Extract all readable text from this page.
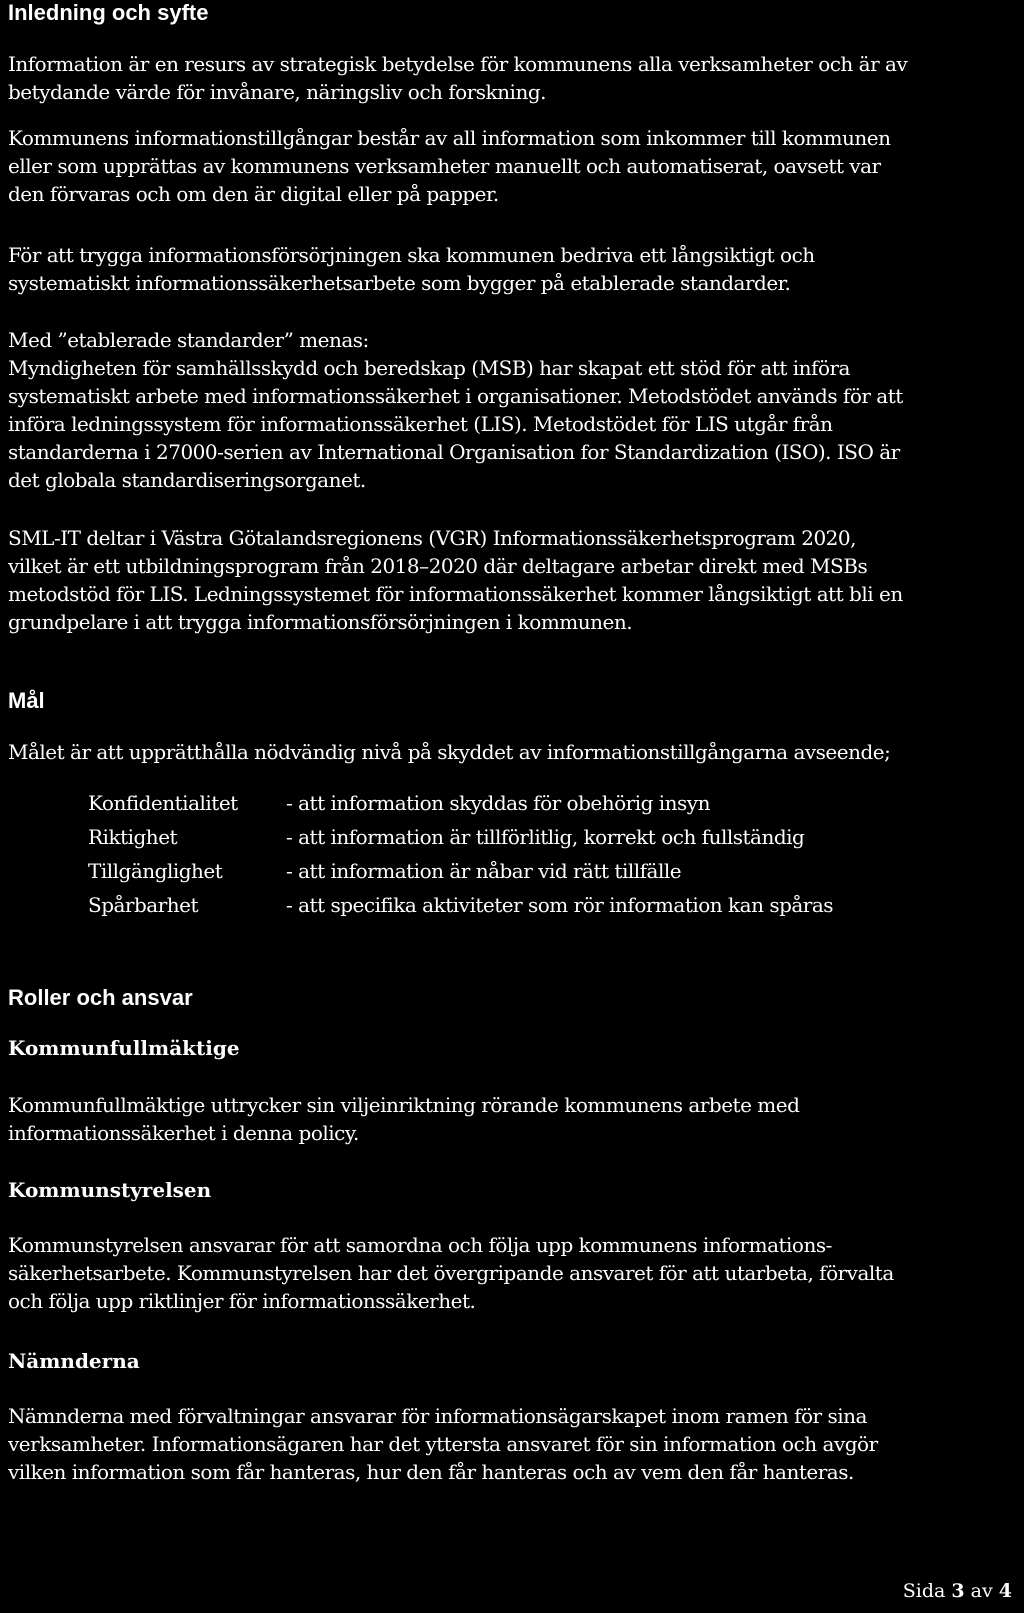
Inledning och syfte

Information är en resurs av strategisk betydelse för kommunens alla verksamheter och är av
betydande värde för invånare, näringsliv och forskning.

Kommunens informationstillgångar består av all information som inkommer till kommunen
eller som upprättas av kommunens verksamheter manuellt och automatiserat, oavsett var
den förvaras och om den är digital eller på papper.

För att trygga informationsförsörjningen ska kommunen bedriva ett långsiktigt och
systematiskt informationssäkerhetsarbete som bygger på etablerade standarder.

Med ”etablerade standarder” menas:
Myndigheten för samhällsskydd och beredskap (MSB) har skapat ett stöd för att införa
systematiskt arbete med informationssäkerhet i organisationer. Metodstödet används för att
införa ledningssystem för informationssäkerhet (LIS). Metodstödet för LIS utgår från
standarderna i 27000-serien av International Organisation for Standardization (ISO). ISO är
det globala standardiseringsorganet.

SML-IT deltar i Västra Götalandsregionens (VGR) Informationssäkerhetsprogram 2020,
vilket är ett utbildningsprogram från 2018–2020 där deltagare arbetar direkt med MSBs
metodstöd för LIS. Ledningssystemet för informationssäkerhet kommer långsiktigt att bli en
grundpelare i att trygga informationsförsörjningen i kommunen.

Mål

Målet är att upprätthålla nödvändig nivå på skyddet av informationstillgångarna avseende;

Konfidentialitet	- att information skyddas för obehörig insyn
Riktighet	- att information är tillförlitlig, korrekt och fullständig
Tillgänglighet	- att information är nåbar vid rätt tillfälle
Spårbarhet	- att specifika aktiviteter som rör information kan spåras
Roller och ansvar
Kommunfullmäktige

Kommunfullmäktige uttrycker sin viljeinriktning rörande kommunens arbete med
informationssäkerhet i denna policy.

Kommunstyrelsen

Kommunstyrelsen ansvarar för att samordna och följa upp kommunens informations-
säkerhetsarbete. Kommunstyrelsen har det övergripande ansvaret för att utarbeta, förvalta
och följa upp riktlinjer för informationssäkerhet.

Nämnderna

Nämnderna med förvaltningar ansvarar för informationsägarskapet inom ramen för sina
verksamheter. Informationsägaren har det yttersta ansvaret för sin information och avgör
vilken information som får hanteras, hur den får hanteras och av vem den får hanteras.

Sida 3 av 4
